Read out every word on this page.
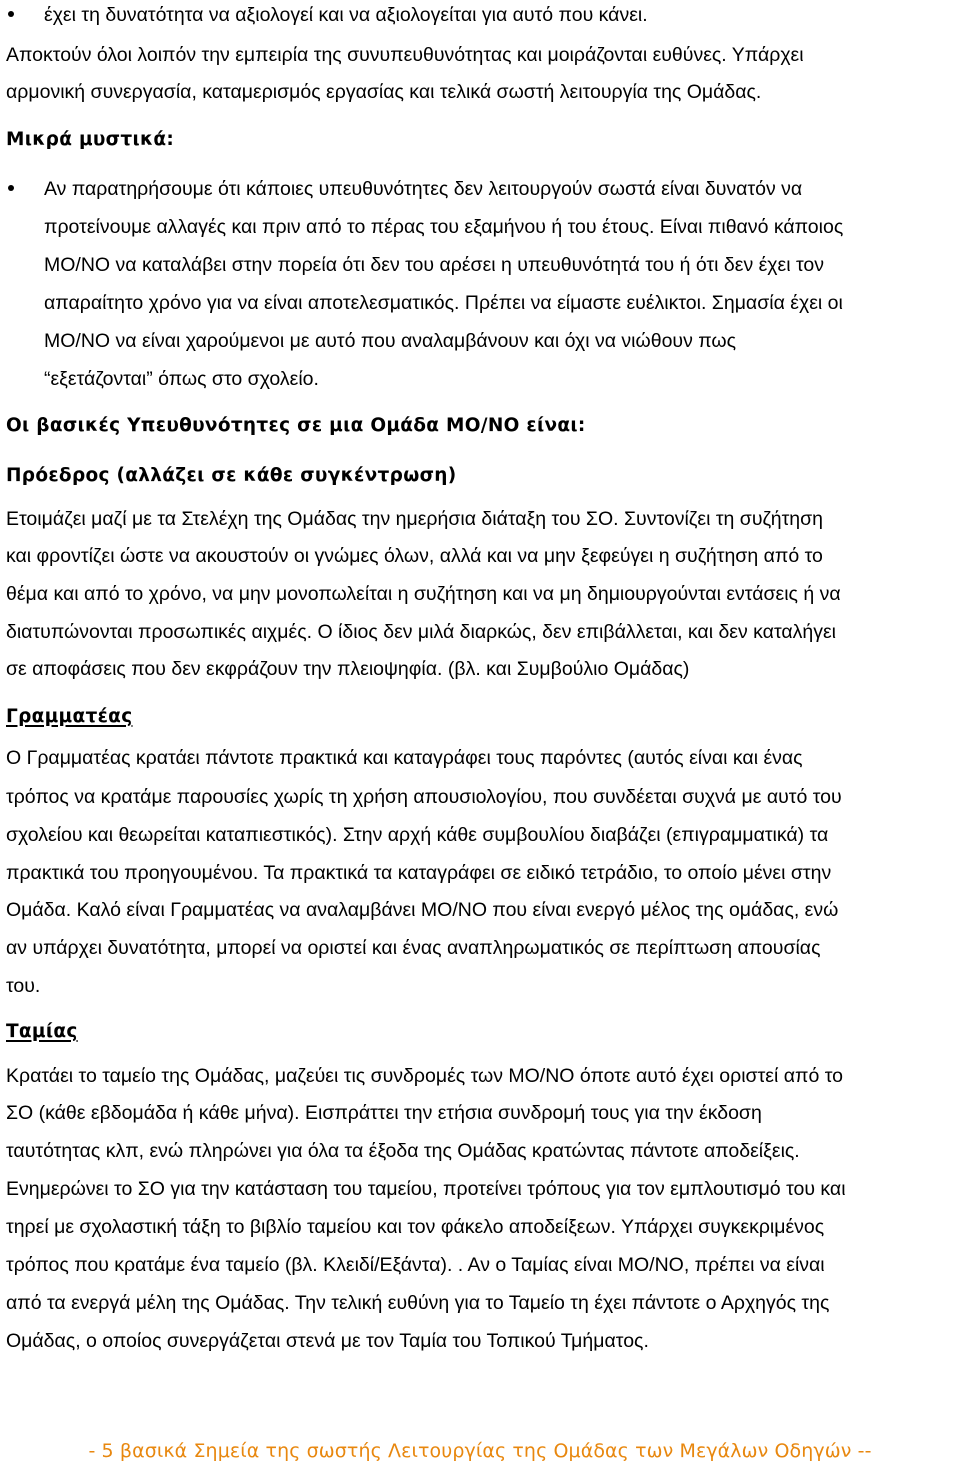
έχει τη δυνατότητα να αξιολογεί και να αξιολογείται για αυτό που κάνει.
Αποκτούν όλοι λοιπόν την εμπειρία της συνυπευθυνότητας και μοιράζονται ευθύνες. Υπάρχει
αρμονική συνεργασία, καταμερισμός εργασίας και τελικά σωστή λειτουργία της Ομάδας.
Μικρά μυστικά:
Αν παρατηρήσουμε ότι κάποιες υπευθυνότητες δεν λειτουργούν σωστά είναι δυνατόν να
προτείνουμε αλλαγές και πριν από το πέρας του εξαμήνου ή του έτους. Είναι πιθανό κάποιος
ΜΟ/ΝΟ να καταλάβει στην πορεία ότι δεν του αρέσει η υπευθυνότητά του ή ότι δεν έχει τον
απαραίτητο χρόνο για να είναι αποτελεσματικός. Πρέπει να είμαστε ευέλικτοι. Σημασία έχει οι
ΜΟ/ΝΟ να είναι χαρούμενοι με αυτό που αναλαμβάνουν και όχι να νιώθουν πως
“εξετάζονται” όπως στο σχολείο.
Οι βασικές Υπευθυνότητες σε μια Ομάδα ΜΟ/ΝΟ είναι:
Πρόεδρος (αλλάζει σε κάθε συγκέντρωση)
Ετοιμάζει μαζί με τα Στελέχη της Ομάδας την ημερήσια διάταξη του ΣΟ. Συντονίζει τη συζήτηση
και φροντίζει ώστε να ακουστούν οι γνώμες όλων, αλλά και να μην ξεφεύγει η συζήτηση από το
θέμα και από το χρόνο, να μην μονοπωλείται η συζήτηση και να μη δημιουργούνται εντάσεις ή να
διατυπώνονται προσωπικές αιχμές. Ο ίδιος δεν μιλά διαρκώς, δεν επιβάλλεται, και δεν καταλήγει
σε αποφάσεις που δεν εκφράζουν την πλειοψηφία. (βλ. και Συμβούλιο Ομάδας)
Γραμματέας
Ο Γραμματέας κρατάει πάντοτε πρακτικά και καταγράφει τους παρόντες (αυτός είναι και ένας
τρόπος να κρατάμε παρουσίες χωρίς τη χρήση απουσιολογίου, που συνδέεται συχνά με αυτό του
σχολείου και θεωρείται καταπιεστικός). Στην αρχή κάθε συμβουλίου διαβάζει (επιγραμματικά) τα
πρακτικά του προηγουμένου. Τα πρακτικά τα καταγράφει σε ειδικό τετράδιο, το οποίο μένει στην
Ομάδα. Καλό είναι Γραμματέας να αναλαμβάνει ΜΟ/ΝΟ που είναι ενεργό μέλος της ομάδας, ενώ
αν υπάρχει δυνατότητα, μπορεί να οριστεί και ένας αναπληρωματικός σε περίπτωση απουσίας
του.
Ταμίας
Κρατάει το ταμείο της Ομάδας, μαζεύει τις συνδρομές των ΜΟ/ΝΟ όποτε αυτό έχει οριστεί από το
ΣΟ (κάθε εβδομάδα ή κάθε μήνα). Εισπράττει την ετήσια συνδρομή τους για την έκδοση
ταυτότητας κλπ, ενώ πληρώνει για όλα τα έξοδα της Ομάδας κρατώντας πάντοτε αποδείξεις.
Ενημερώνει το ΣΟ για την κατάσταση του ταμείου, προτείνει τρόπους για τον εμπλουτισμό του και
τηρεί με σχολαστική τάξη το βιβλίο ταμείου και τον φάκελο αποδείξεων. Υπάρχει συγκεκριμένος
τρόπος που κρατάμε ένα ταμείο (βλ. Κλειδί/Εξάντα). . Αν ο Ταμίας είναι ΜΟ/ΝΟ, πρέπει να είναι
από τα ενεργά μέλη της Ομάδας. Την τελική ευθύνη για το Ταμείο τη έχει πάντοτε ο Αρχηγός της
Ομάδας, ο οποίος συνεργάζεται στενά με τον Ταμία του Τοπικού Τμήματος.
- 5 βασικά Σημεία της σωστής Λειτουργίας της Ομάδας των Μεγάλων Οδηγών --
